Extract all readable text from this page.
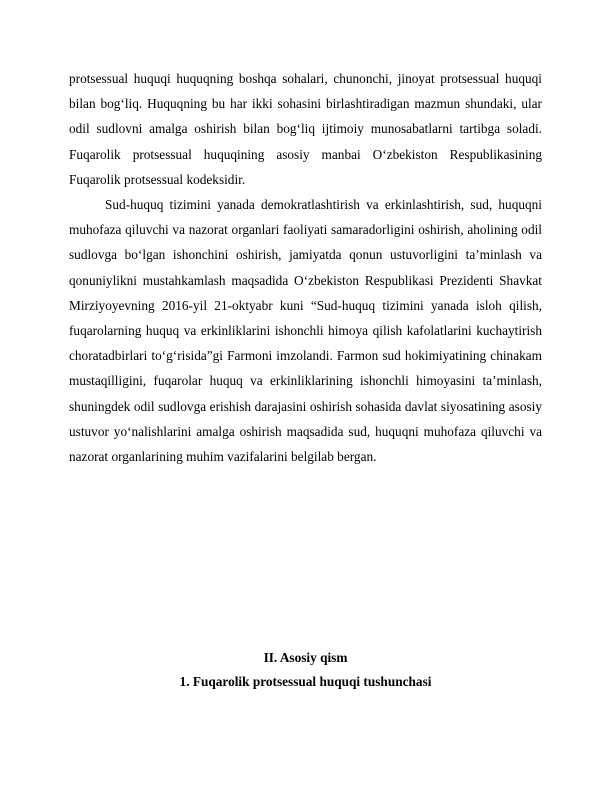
protsessual huquqi huquqning boshqa sohalari, chunonchi, jinoyat protsessual huquqi bilan bogʻliq. Huquqning bu har ikki sohasini birlashtiradigan mazmun shundaki, ular odil sudlovni amalga oshirish bilan bogʻliq ijtimoiy munosabatlarni tartibga soladi. Fuqarolik protsessual huquqining asosiy manbai Oʻzbekiston Respublikasining Fuqarolik protsessual kodeksidir.

Sud-huquq tizimini yanada demokratlashtirish va erkinlashtirish, sud, huquqni muhofaza qiluvchi va nazorat organlari faoliyati samaradorligini oshirish, aholining odil sudlovga boʻlgan ishonchini oshirish, jamiyatda qonun ustuvorligini ta’minlash va qonuniylikni mustahkamlash maqsadida Oʻzbekiston Respublikasi Prezidenti Shavkat Mirziyoyevning 2016-yil 21-oktyabr kuni “Sud-huquq tizimini yanada isloh qilish, fuqarolarning huquq va erkinliklarini ishonchli himoya qilish kafolatlarini kuchaytirish choratadbirlari toʻgʻrisida”gi Farmoni imzolandi. Farmon sud hokimiyatining chinakam mustaqilligini, fuqarolar huquq va erkinliklarining ishonchli himoyasini ta’minlash, shuningdek odil sudlovga erishish darajasini oshirish sohasida davlat siyosatining asosiy ustuvor yoʻnalishlarini amalga oshirish maqsadida sud, huquqni muhofaza qiluvchi va nazorat organlarining muhim vazifalarini belgilab bergan.

II. Asosiy qism

1. Fuqarolik protsessual huquqi tushunchasi
